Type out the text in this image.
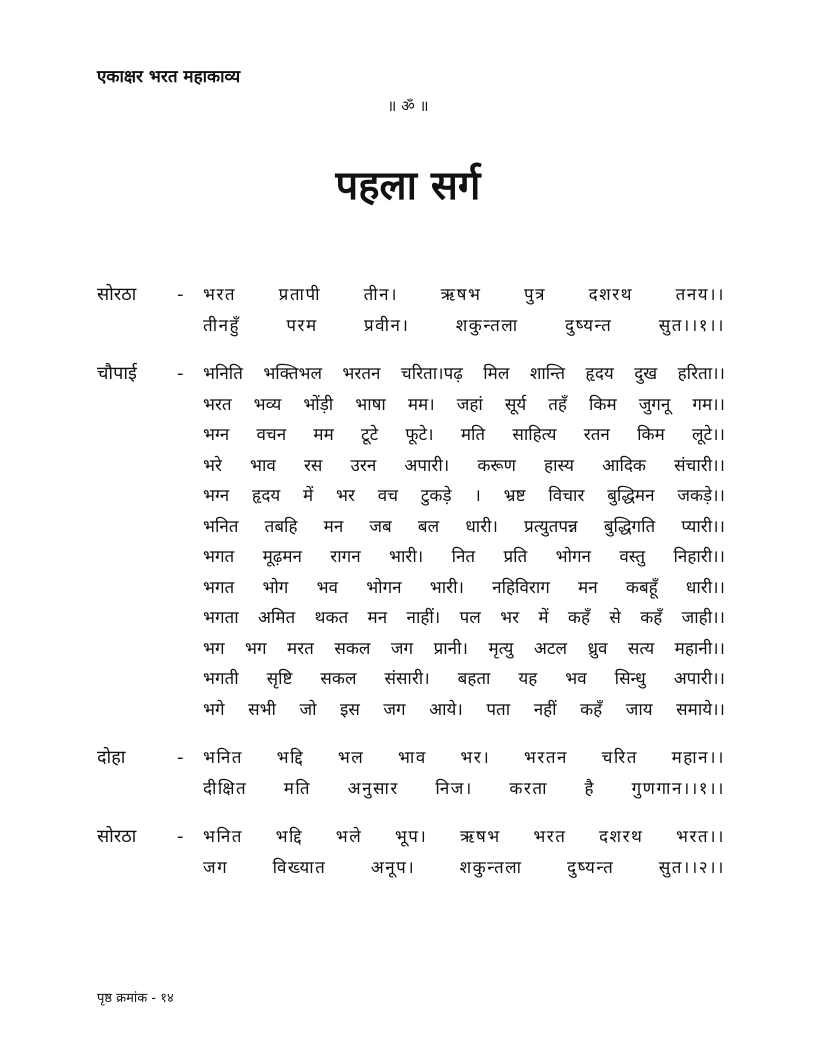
एकाक्षर भरत महाकाव्य
॥ ॐ ॥
पहला सर्ग
सोरठा	-	भरत प्रतापी तीन। ऋषभ पुत्र दशरथ तनय।।
तीनहुँ परम प्रवीन। शकुन्तला दुष्यन्त सुत।।१।।
चौपाई	-	भनिति भक्तिभल भरतन चरिता।पढ़ मिल शान्ति हृदय दुख हरिता।।
भरत भव्य भोंड़ी भाषा मम। जहां सूर्य तहँ किम जुगनू गम।।
भग्न वचन मम टूटे फूटे। मति साहित्य रतन किम लूटे।।
भरे भाव रस उरन अपारी। करूण हास्य आदिक संचारी।।
भग्न हृदय में भर वच टुकड़े । भ्रष्ट विचार बुद्धिमन जकड़े।।
भनित तबहि मन जब बल धारी। प्रत्युतपन्न बुद्धिगति प्यारी।।
भगत मूढ़मन रागन भारी। नित प्रति भोगन वस्तु निहारी।।
भगत भोग भव भोगन भारी। नहिविराग मन कबहूँ धारी।।
भगता अमित थकत मन नाहीं। पल भर में कहँ से कहँ जाही।।
भग भग मरत सकल जग प्रानी। मृत्यु अटल ध्रुव सत्य महानी।।
भगती सृष्टि सकल संसारी। बहता यह भव सिन्धु अपारी।।
भगे सभी जो इस जग आये। पता नहीं कहँ जाय समाये।।
दोहा	-	भनित भद्दि भल भाव भर। भरतन चरित महान।।
दीक्षित मति अनुसार निज। करता है गुणगान।।१।।
सोरठा	-	भनित भद्दि भले भूप। ऋषभ भरत दशरथ भरत।।
जग विख्यात अनूप। शकुन्तला दुष्यन्त सुत।।२।।
पृष्ठ क्रमांक - १४
